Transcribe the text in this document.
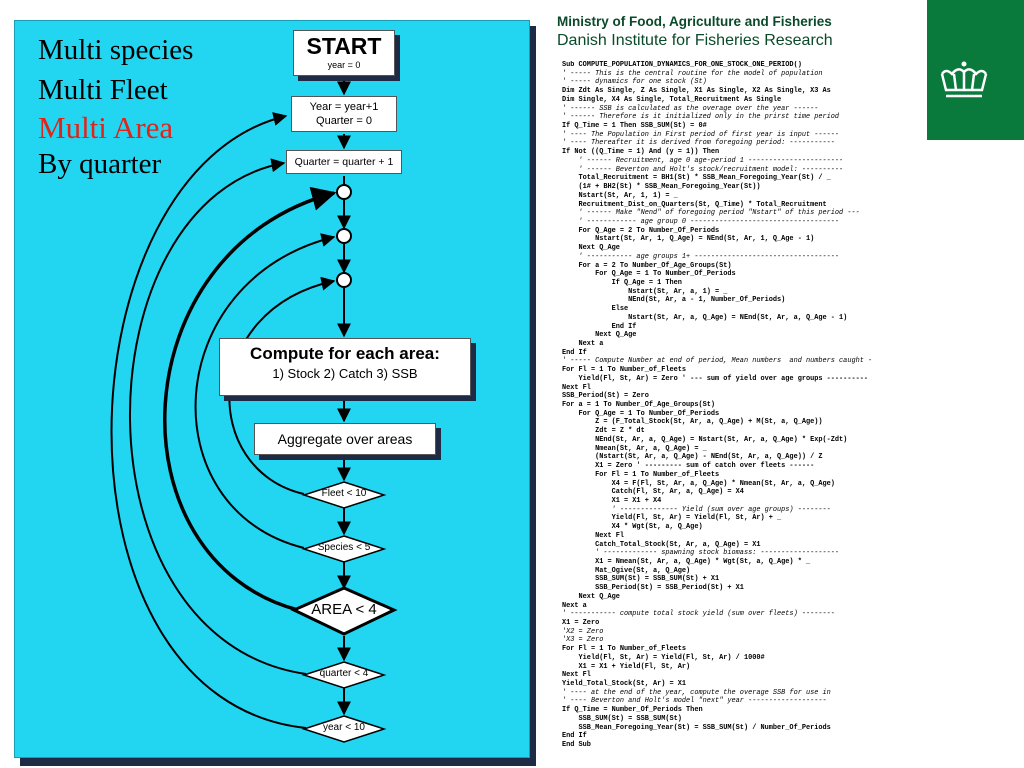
Multi species
Multi Fleet
Multi Area
By quarter
START
year = 0
Year = year+1
Quarter = 0
Quarter = quarter + 1
Compute for each area:
1) Stock 2) Catch 3) SSB
Aggregate over areas
Fleet < 10
Species < 5
AREA < 4
quarter < 4
year < 10
Ministry of Food, Agriculture and Fisheries
Danish Institute for Fisheries Research
Sub COMPUTE_POPULATION_DYNAMICS_FOR_ONE_STOCK_ONE_PERIOD()
' ----- This is the central routine for the model of population
' ----- dynamics for one stock (St)
Dim Zdt As Single, Z As Single, X1 As Single, X2 As Single, X3 As
Dim Single, X4 As Single, Total_Recruitment As Single
' ------ SSB is calculated as the overage over the year ------
' ------ Therefore is it initialized only in the prirst time period
If Q_Time = 1 Then SSB_SUM(St) = 0#
' ---- The Population in First period of first year is input ------
' ---- Thereafter it is derived from foregoing period: -----------
If Not ((Q_Time = 1) And (y = 1)) Then
' ------ Recruitment, age 0 age-period 1 -----------------------
' ------ Beverton and Holt's stock/recruitment model: ----------
Total_Recruitment = BH1(St) * SSB_Mean_Foregoing_Year(St) / _
(1# + BH2(St) * SSB_Mean_Foregoing_Year(St))
Nstart(St, Ar, 1, 1) = _
Recruitment_Dist_on_Quarters(St, Q_Time) * Total_Recruitment
' ------ Make "Nend" of foregoing period "Nstart" of this period ---
' ------------ age group 0 ------------------------------------
For Q_Age = 2 To Number_Of_Periods
Nstart(St, Ar, 1, Q_Age) = NEnd(St, Ar, 1, Q_Age - 1)
Next Q_Age
' ----------- age groups 1+ -----------------------------------
For a = 2 To Number_Of_Age_Groups(St)
For Q_Age = 1 To Number_Of_Periods
If Q_Age = 1 Then
Nstart(St, Ar, a, 1) = _
NEnd(St, Ar, a - 1, Number_Of_Periods)
Else
Nstart(St, Ar, a, Q_Age) = NEnd(St, Ar, a, Q_Age - 1)
End If
Next Q_Age
Next a
End If
' ----- Compute Number at end of period, Mean numbers  and numbers caught -
For Fl = 1 To Number_of_Fleets
Yield(Fl, St, Ar) = Zero ' --- sum of yield over age groups ----------
Next Fl
SSB_Period(St) = Zero
For a = 1 To Number_Of_Age_Groups(St)
For Q_Age = 1 To Number_Of_Periods
Z = (F_Total_Stock(St, Ar, a, Q_Age) + M(St, a, Q_Age))
Zdt = Z * dt
NEnd(St, Ar, a, Q_Age) = Nstart(St, Ar, a, Q_Age) * Exp(-Zdt)
Nmean(St, Ar, a, Q_Age) = _
(Nstart(St, Ar, a, Q_Age) - NEnd(St, Ar, a, Q_Age)) / Z
X1 = Zero ' --------- sum of catch over fleets ------
For Fl = 1 To Number_of_Fleets
X4 = F(Fl, St, Ar, a, Q_Age) * Nmean(St, Ar, a, Q_Age)
Catch(Fl, St, Ar, a, Q_Age) = X4
X1 = X1 + X4
' -------------- Yield (sum over age groups) --------
Yield(Fl, St, Ar) = Yield(Fl, St, Ar) + _
X4 * Wgt(St, a, Q_Age)
Next Fl
Catch_Total_Stock(St, Ar, a, Q_Age) = X1
' ------------- spawning stock biomass: -------------------
X1 = Nmean(St, Ar, a, Q_Age) * Wgt(St, a, Q_Age) * _
Mat_Ogive(St, a, Q_Age)
SSB_SUM(St) = SSB_SUM(St) + X1
SSB_Period(St) = SSB_Period(St) + X1
Next Q_Age
Next a
' ----------- compute total stock yield (sum over fleets) --------
X1 = Zero
'X2 = Zero
'X3 = Zero
For Fl = 1 To Number_of_Fleets
Yield(Fl, St, Ar) = Yield(Fl, St, Ar) / 1000#
X1 = X1 + Yield(Fl, St, Ar)
Next Fl
Yield_Total_Stock(St, Ar) = X1
' ---- at the end of the year, compute the overage SSB for use in
' ---- Beverton and Holt's model "next" year -------------------
If Q_Time = Number_Of_Periods Then
SSB_SUM(St) = SSB_SUM(St)
SSB_Mean_Foregoing_Year(St) = SSB_SUM(St) / Number_Of_Periods
End If
End Sub
